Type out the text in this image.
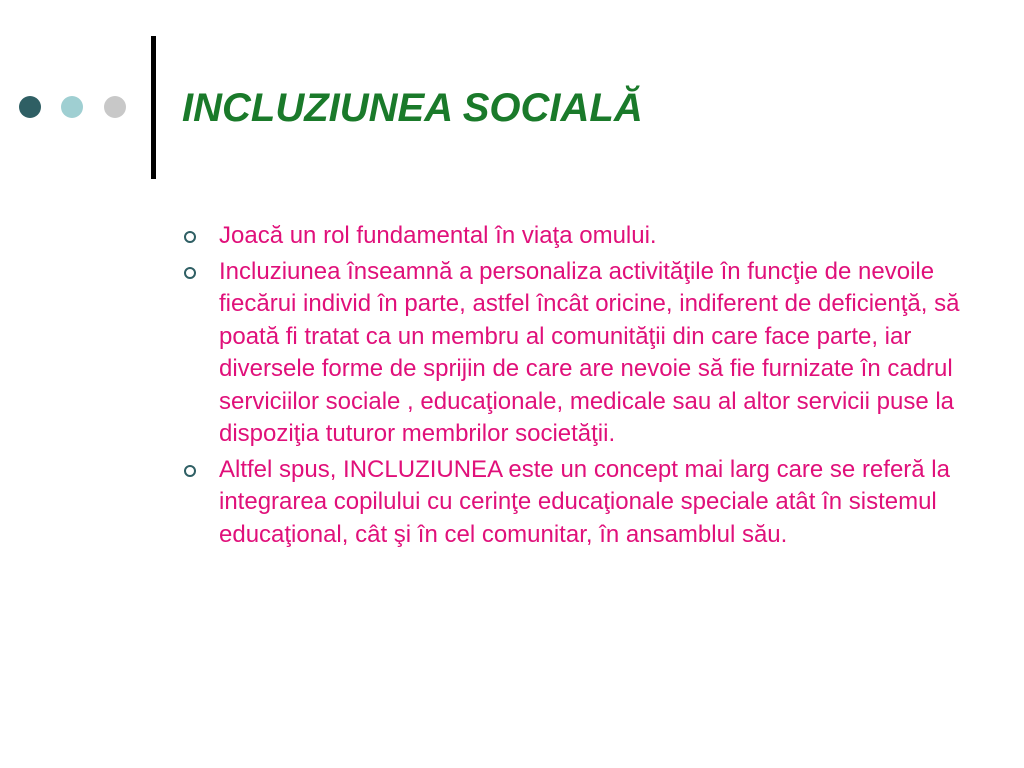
INCLUZIUNEA SOCIALĂ
Joacă un rol fundamental în viaţa omului.
Incluziunea înseamnă a personaliza activităţile în funcţie de nevoile fiecărui individ în parte, astfel încât oricine, indiferent de deficienţă, să poată fi tratat ca un membru al comunităţii din care face parte, iar diversele forme de sprijin de care are nevoie să fie furnizate în cadrul serviciilor sociale , educaţionale, medicale sau al altor servicii puse la dispoziţia tuturor membrilor societăţii.
Altfel spus, INCLUZIUNEA este un concept mai larg care se referă la integrarea copilului cu cerinţe educaţionale speciale atât în sistemul educaţional, cât şi în cel comunitar, în ansamblul său.
